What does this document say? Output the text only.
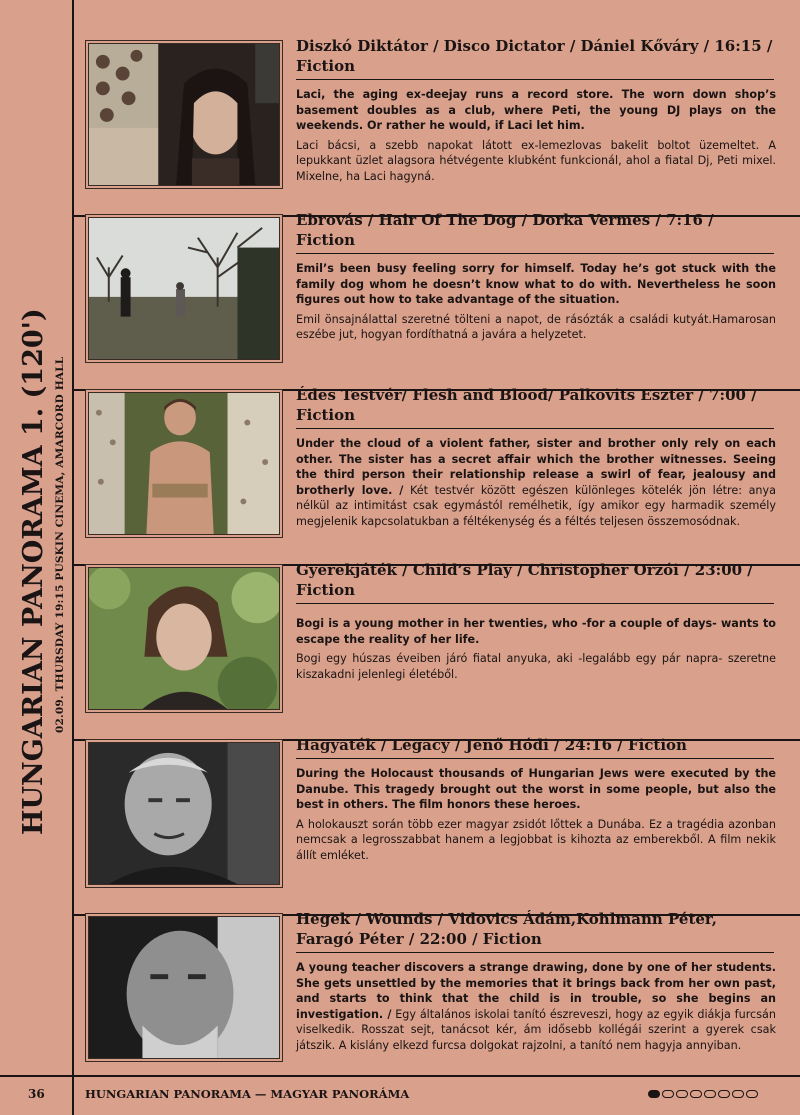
HUNGARIAN PANORAMA 1. (120') 02.09. THURSDAY 19:15 PUSKIN CINEMA, AMARCORD HALL

Diszkó Diktátor / Disco Dictator / Dániel Kőváry / 16:15 / Fiction

Laci, the aging ex-deejay runs a record store. The worn down shop’s basement doubles as a club, where Peti, the young DJ plays on the weekends. Or rather he would, if Laci let him.

Laci bácsi, a szebb napokat látott ex-lemezlovas bakelit boltot üzemeltet. A lepukkant üzlet alagsora hétvégente klubként funkcionál, ahol a fiatal Dj, Peti mixel. Mixelne, ha Laci hagyná.

Ebrovás / Hair Of The Dog / Dorka Vermes / 7:16 / Fiction

Emil’s been busy feeling sorry for himself. Today he’s got stuck with the family dog whom he doesn’t know what to do with. Nevertheless he soon figures out how to take advantage of the situation.

Emil önsajnálattal szeretné tölteni a napot, de rásózták a családi kutyát.Hamarosan eszébe jut, hogyan fordíthatná a javára a helyzetet.

Édes Testvér/ Flesh and Blood/ Palkovits Eszter / 7:00 / Fiction

Under the cloud of a violent father, sister and brother only rely on each other. The sister has a secret affair which the brother witnesses. Seeing the third person their relationship release a swirl of fear, jealousy and brotherly love. / Két testvér között egészen különleges kötelék jön létre: anya nélkül az intimitást csak egymástól remélhetik, így amikor egy harmadik személy megjelenik kapcsolatukban a féltékenység és a féltés teljesen összemosódnak.

Gyerekjáték / Child’s Play / Christopher Orzói / 23:00 / Fiction

Bogi is a young mother in her twenties, who -for a couple of days- wants to escape the reality of her life.

Bogi egy húszas éveiben járó fiatal anyuka, aki -legalább egy pár napra- szeretne kiszakadni jelenlegi életéből.

Hagyaték / Legacy / Jenő Hódi / 24:16 / Fiction

During the Holocaust thousands of Hungarian Jews were executed by the Danube. This tragedy brought out the worst in some people, but also the best in others. The film honors these heroes.

A holokauszt során több ezer magyar zsidót lőttek a Dunába. Ez a tragédia azonban nemcsak a legrosszabbat hanem a legjobbat is kihozta az emberekből. A film nekik állít emléket.

Hegek / Wounds / Vidovics Ádám,Kohlmann Péter, Faragó Péter / 22:00 / Fiction

A young teacher discovers a strange drawing, done by one of her students. She gets unsettled by the memories that it brings back from her own past, and starts to think that the child is in trouble, so she begins an investigation. / Egy általános iskolai tanító észreveszi, hogy az egyik diákja furcsán viselkedik. Rosszat sejt, tanácsot kér, ám idősebb kollégái szerint a gyerek csak játszik. A kislány elkezd furcsa dolgokat rajzolni, a tanító nem hagyja annyiban.

36	HUNGARIAN PANORAMA — MAGYAR PANORÁMA
